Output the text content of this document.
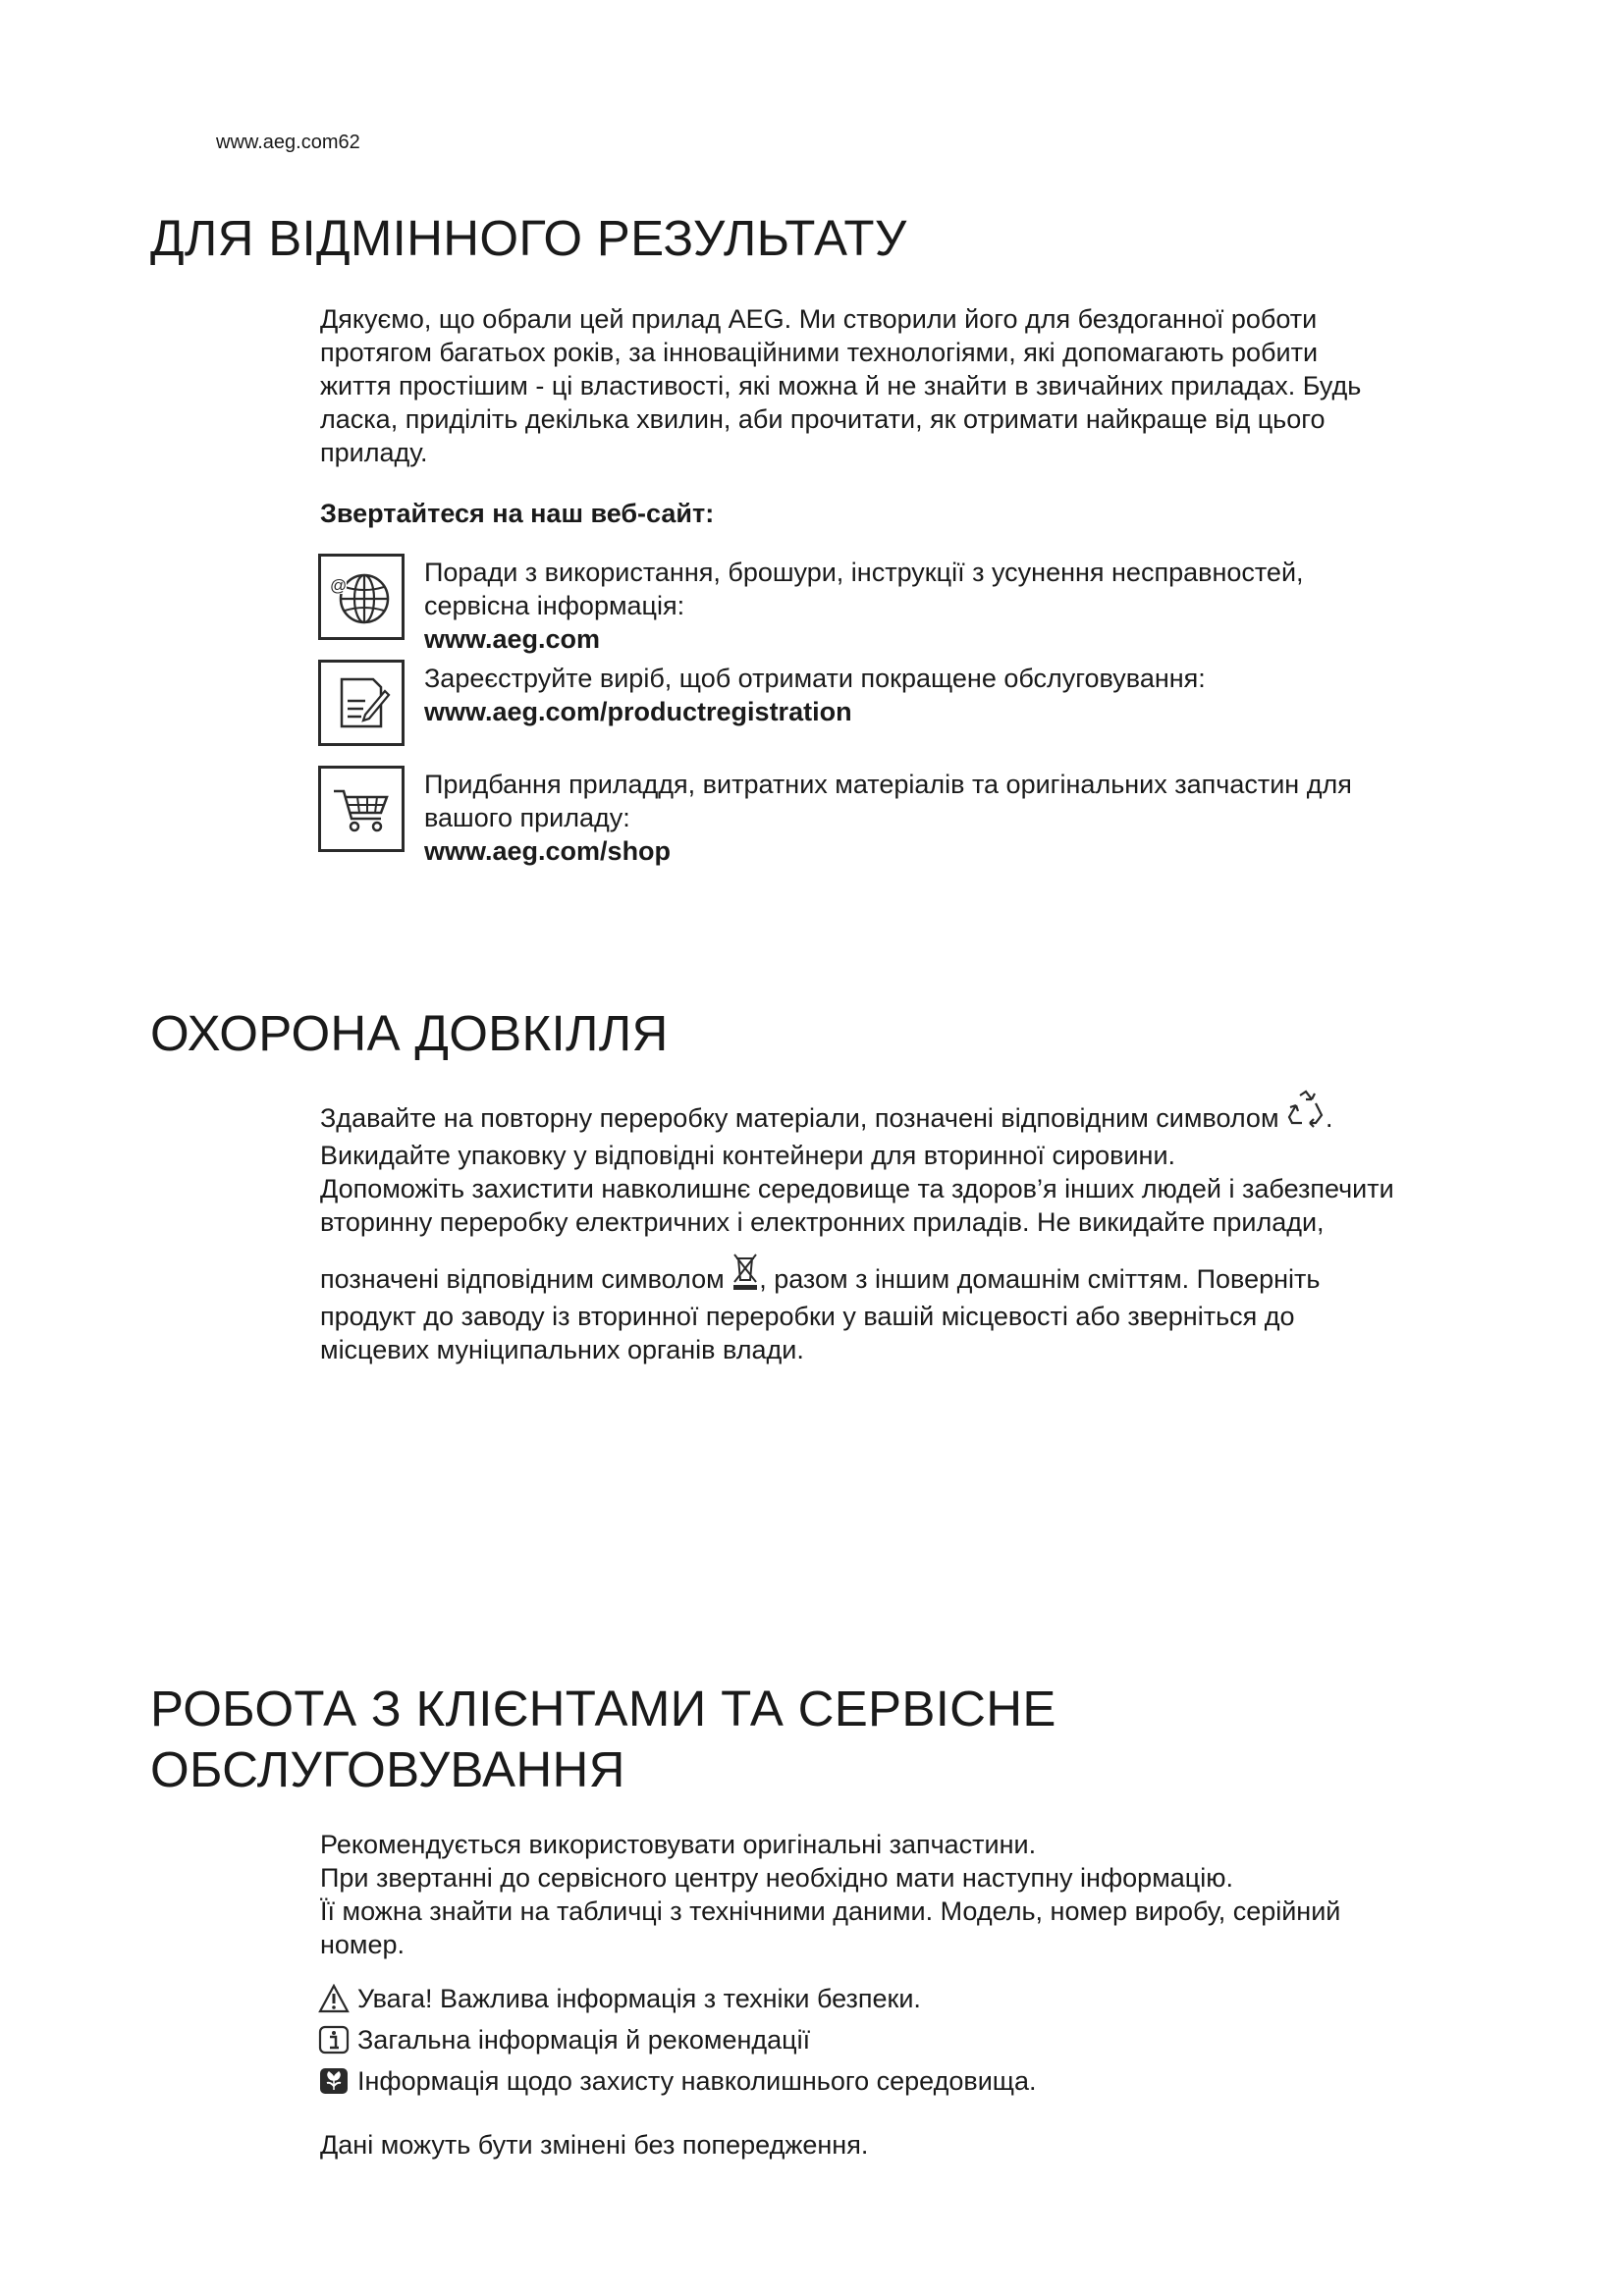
www.aeg.com62
ДЛЯ ВІДМІННОГО РЕЗУЛЬТАТУ

Дякуємо, що обрали цей прилад AEG. Ми створили його для бездоганної роботи

протягом багатьох років, за інноваційними технологіями, які допомагають робити

життя простішим - ці властивості, які можна й не знайти в звичайних приладах. Будь

ласка, приділіть декілька хвилин, аби прочитати, як отримати найкраще від цього

приладу.

Звертайтеся на наш веб-сайт:
@	Поради з використання, брошури, інструкції з усунення несправностей,
сервісна інформація:
www.aeg.com
Зареєструйте виріб, щоб отримати покращене обслуговування:
www.aeg.com/productregistration
Придбання приладдя, витратних матеріалів та оригінальних запчастин для
вашого приладу:
www.aeg.com/shop
ОХОРОНА ДОВКІЛЛЯ

Здавайте на повторну переробку матеріали, позначені відповідним символом .

Викидайте упаковку у відповідні контейнери для вторинної сировини.

Допоможіть захистити навколишнє середовище та здоров’я інших людей і забезпечити

вторинну переробку електричних і електронних приладів. Не викидайте прилади,

позначені відповідним символом , разом з іншим домашнім сміттям. Поверніть

продукт до заводу із вторинної переробки у вашій місцевості або зверніться до

місцевих муніципальних органів влади.

РОБОТА З КЛІЄНТАМИ ТА СЕРВІСНЕ
ОБСЛУГОВУВАННЯ

Рекомендується використовувати оригінальні запчастини.

При звертанні до сервісного центру необхідно мати наступну інформацію.

Її можна знайти на табличці з технічними даними. Модель, номер виробу, серійний

номер.

Увага! Важлива інформація з техніки безпеки.
Загальна інформація й рекомендації
Інформація щодо захисту навколишнього середовища.
Дані можуть бути змінені без попередження.
